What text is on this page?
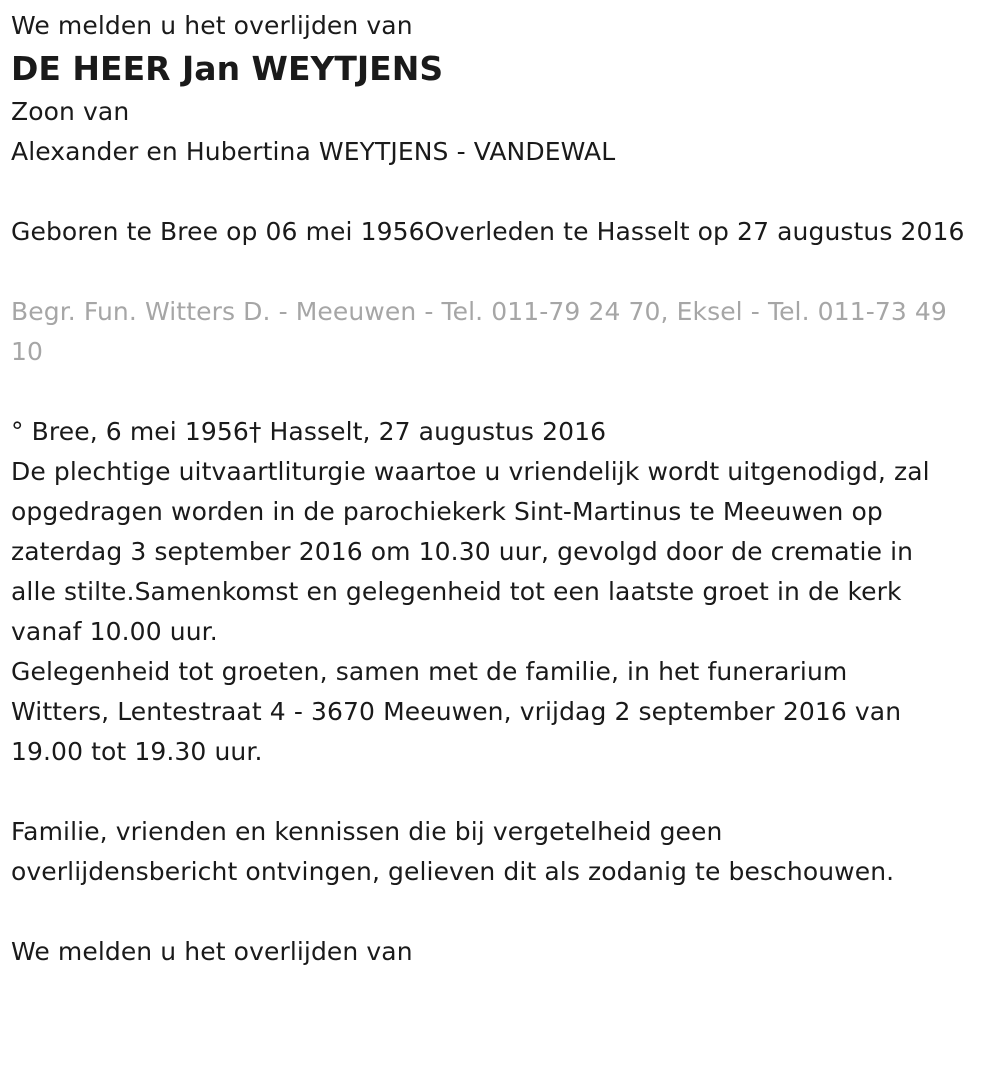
We melden u het overlijden van
DE HEER Jan WEYTJENS
Zoon van
Alexander en Hubertina WEYTJENS - VANDEWAL
Geboren te Bree op 06 mei 1956Overleden te Hasselt op 27 augustus 2016
Begr. Fun. Witters D. - Meeuwen - Tel. 011-79 24 70, Eksel - Tel. 011-73 49 10
° Bree, 6 mei 1956† Hasselt, 27 augustus 2016
De plechtige uitvaartliturgie waartoe u vriendelijk wordt uitgenodigd, zal
opgedragen worden in de parochiekerk Sint-Martinus te Meeuwen op
zaterdag 3 september 2016 om 10.30 uur, gevolgd door de crematie in
alle stilte.Samenkomst en gelegenheid tot een laatste groet in de kerk
vanaf 10.00 uur.
Gelegenheid tot groeten, samen met de familie, in het funerarium
Witters, Lentestraat 4 - 3670 Meeuwen, vrijdag 2 september 2016 van
19.00 tot 19.30 uur.
Familie, vrienden en kennissen die bij vergetelheid geen
overlijdensbericht ontvingen, gelieven dit als zodanig te beschouwen.
We melden u het overlijden van
